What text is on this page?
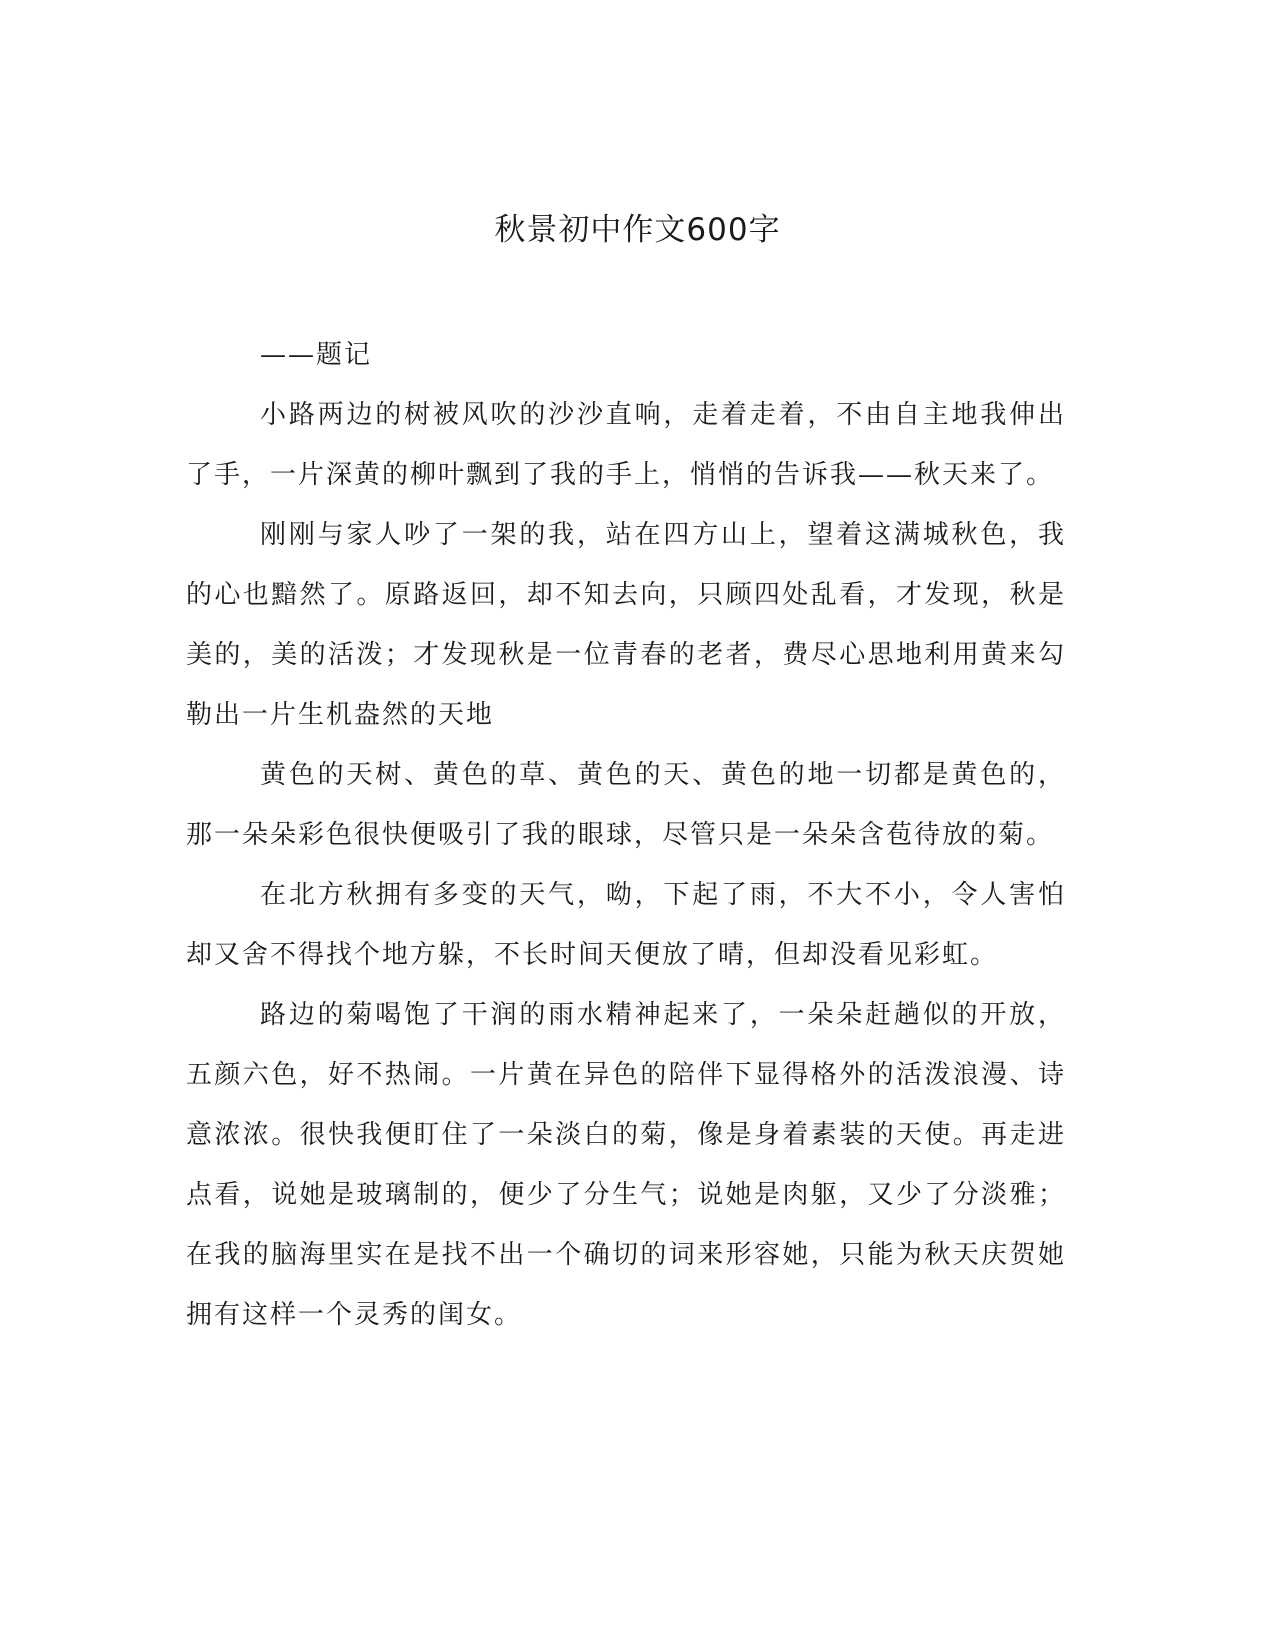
秋景初中作文600字

——题记

小路两边的树被风吹的沙沙直响，走着走着，不由自主地我伸出了手，一片深黄的柳叶飘到了我的手上，悄悄的告诉我——秋天来了。

刚刚与家人吵了一架的我，站在四方山上，望着这满城秋色，我的心也黯然了。原路返回，却不知去向，只顾四处乱看，才发现，秋是美的，美的活泼；才发现秋是一位青春的老者，费尽心思地利用黄来勾勒出一片生机盎然的天地

黄色的天树、黄色的草、黄色的天、黄色的地一切都是黄色的，那一朵朵彩色很快便吸引了我的眼球，尽管只是一朵朵含苞待放的菊。

在北方秋拥有多变的天气，呦，下起了雨，不大不小，令人害怕却又舍不得找个地方躲，不长时间天便放了晴，但却没看见彩虹。

路边的菊喝饱了干润的雨水精神起来了，一朵朵赶趟似的开放，五颜六色，好不热闹。一片黄在异色的陪伴下显得格外的活泼浪漫、诗意浓浓。很快我便盯住了一朵淡白的菊，像是身着素装的天使。再走进点看，说她是玻璃制的，便少了分生气；说她是肉躯，又少了分淡雅；在我的脑海里实在是找不出一个确切的词来形容她，只能为秋天庆贺她拥有这样一个灵秀的闺女。
